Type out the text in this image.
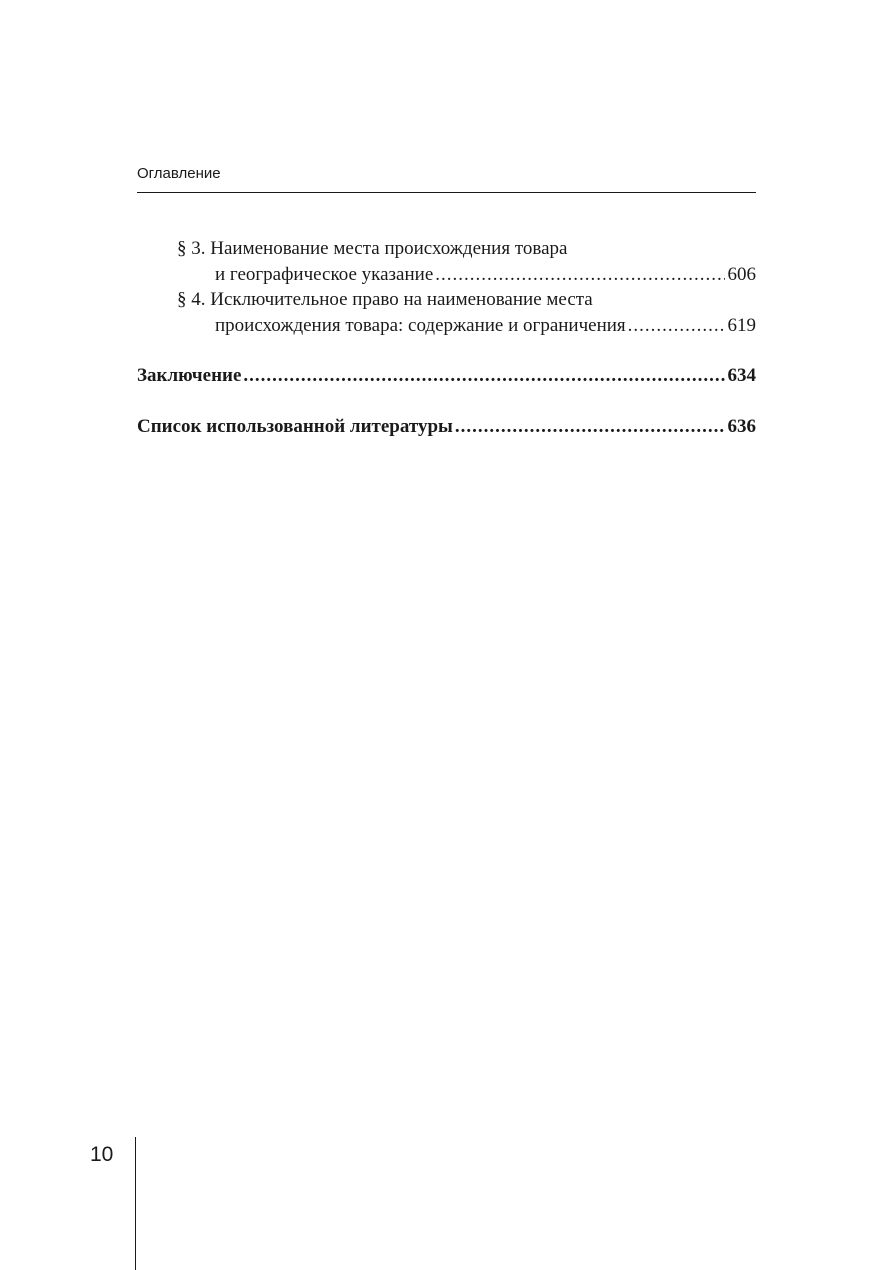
Оглавление
§ 3. Наименование места происхождения товара
и географическое указание .....	606
§ 4. Исключительное право на наименование места
происхождения товара: содержание и ограничения .....	619
Заключение .....	634
Список использованной литературы .....	636
10
